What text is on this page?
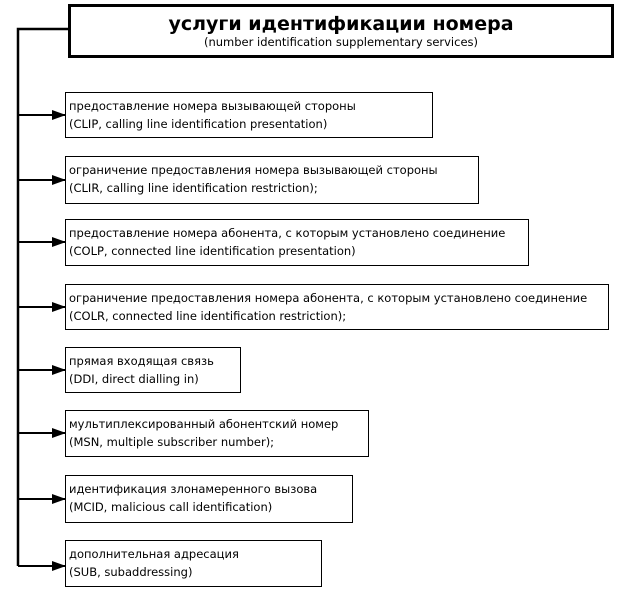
услуги идентификации номера
(number identification supplementary services)
предоставление номера вызывающей стороны
(CLIP, calling line identification presentation)
ограничение предоставления номера вызывающей стороны
(CLIR, calling line identification restriction);
предоставление номера абонента, с которым установлено соединение
(COLP, connected line identification presentation)
ограничение предоставления номера абонента, с которым установлено соединение
(COLR, connected line identification restriction);
прямая входящая связь
(DDI, direct dialling in)
мультиплексированный абонентский номер
(MSN, multiple subscriber number);
идентификация злонамеренного вызова
(MCID, malicious call identification)
дополнительная адресация
(SUB, subaddressing)
